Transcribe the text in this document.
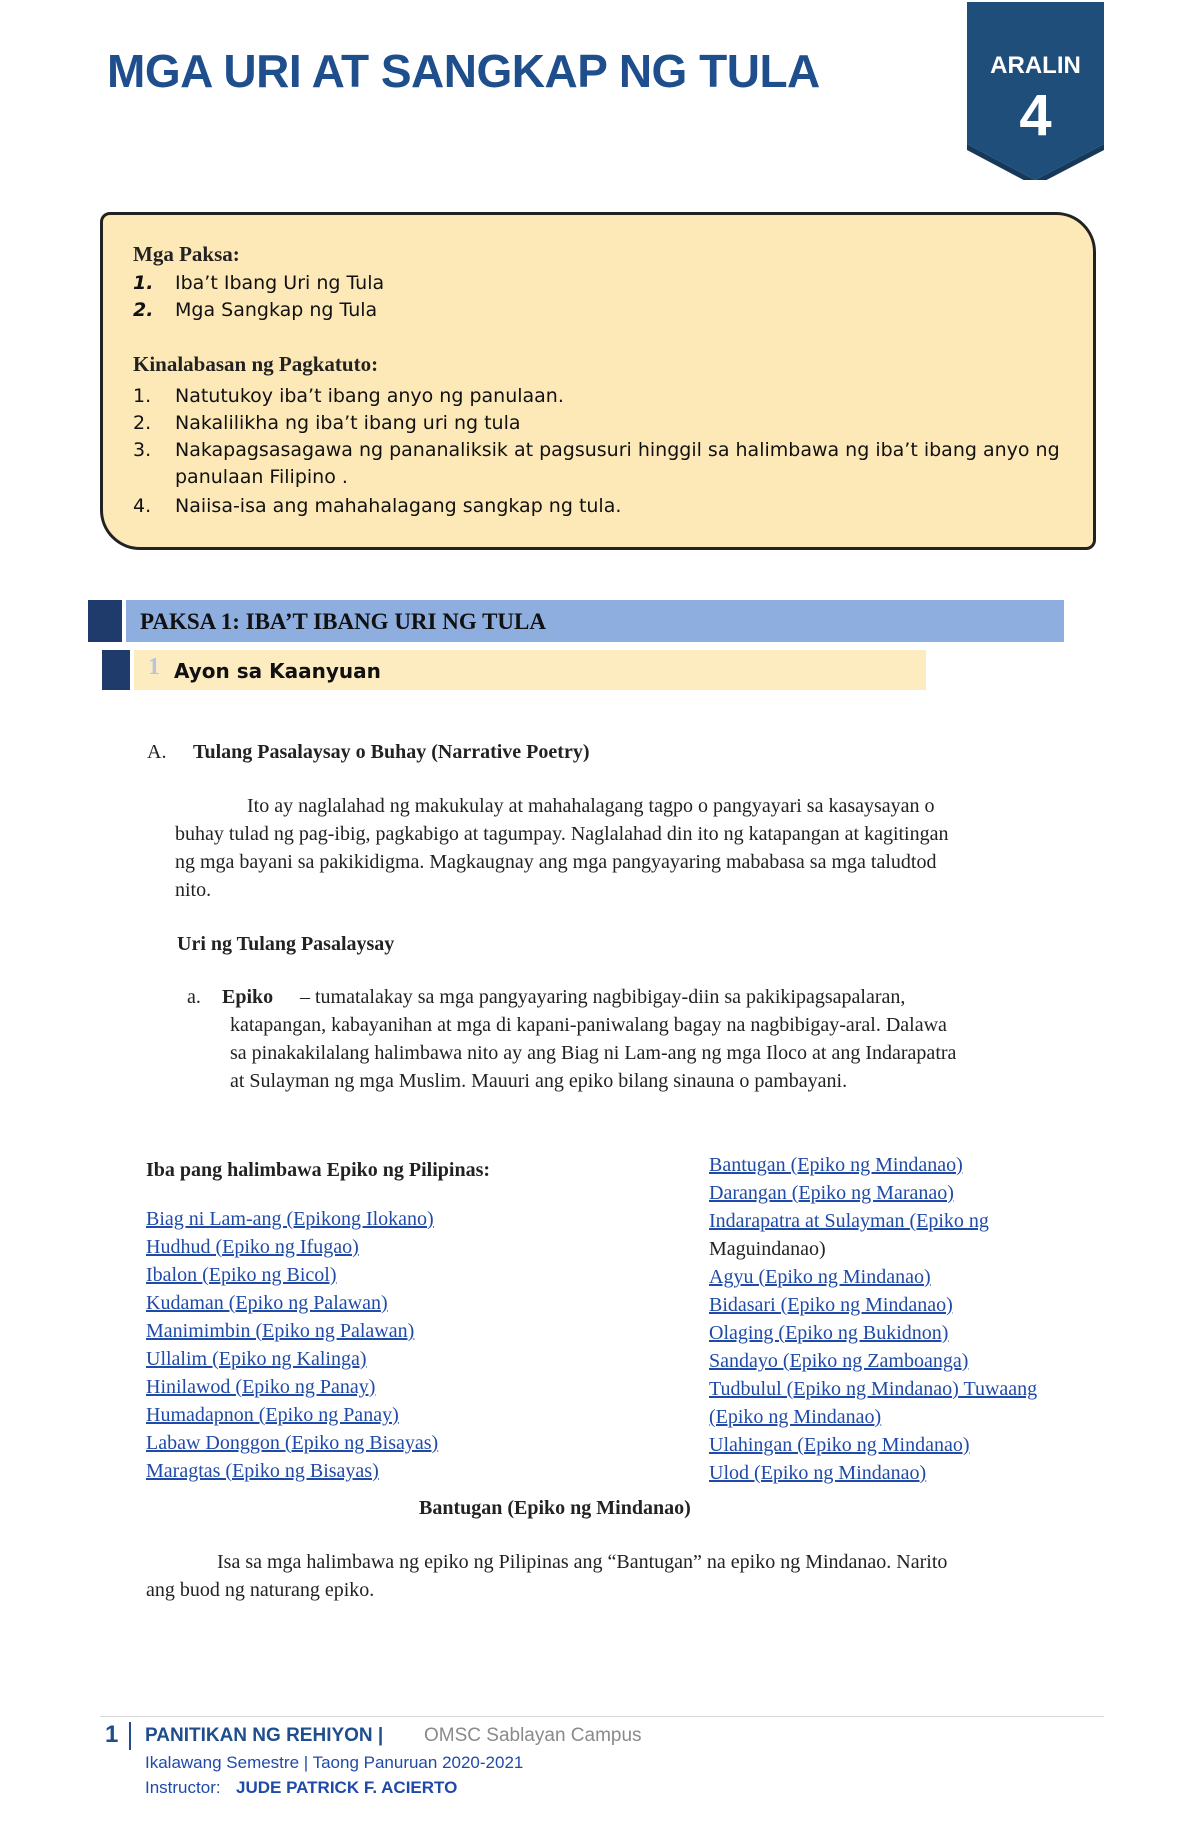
MGA URI AT SANGKAP NG TULA	ARALIN
4
Mga Paksa:
1. Iba’t Ibang Uri ng Tula
2. Mga Sangkap ng Tula
Kinalabasan ng Pagkatuto:
1. Natutukoy iba’t ibang anyo ng panulaan.
2. Nakalilikha ng iba’t ibang uri ng tula
3. Nakapagsasagawa ng pananaliksik at pagsusuri hinggil sa halimbawa ng iba’t ibang anyo ng
panulaan Filipino .
4. Naiisa-isa ang mahahalagang sangkap ng tula.
PAKSA 1: IBA’T IBANG URI NG TULA
1 Ayon sa Kaanyuan
A. Tulang Pasalaysay o Buhay (Narrative Poetry)
Ito ay naglalahad ng makukulay at mahahalagang tagpo o pangyayari sa kasaysayan o
buhay tulad ng pag-ibig, pagkabigo at tagumpay. Naglalahad din ito ng katapangan at kagitingan
ng mga bayani sa pakikidigma. Magkaugnay ang mga pangyayaring mababasa sa mga taludtod
nito.
Uri ng Tulang Pasalaysay
a. Epiko – tumatalakay sa mga pangyayaring nagbibigay-diin sa pakikipagsapalaran,
katapangan, kabayanihan at mga di kapani-paniwalang bagay na nagbibigay-aral. Dalawa
sa pinakakilalang halimbawa nito ay ang Biag ni Lam-ang ng mga Iloco at ang Indarapatra
at Sulayman ng mga Muslim. Mauuri ang epiko bilang sinauna o pambayani.
Iba pang halimbawa Epiko ng Pilipinas:
Biag ni Lam-ang (Epikong Ilokano)
Hudhud (Epiko ng Ifugao)
Ibalon (Epiko ng Bicol)
Kudaman (Epiko ng Palawan)
Manimimbin (Epiko ng Palawan)
Ullalim (Epiko ng Kalinga)
Hinilawod (Epiko ng Panay)
Humadapnon (Epiko ng Panay)
Labaw Donggon (Epiko ng Bisayas)
Maragtas (Epiko ng Bisayas)
Bantugan (Epiko ng Mindanao)
Darangan (Epiko ng Maranao)
Indarapatra at Sulayman (Epiko ng
Maguindanao)
Agyu (Epiko ng Mindanao)
Bidasari (Epiko ng Mindanao)
Olaging (Epiko ng Bukidnon)
Sandayo (Epiko ng Zamboanga)
Tudbulul (Epiko ng Mindanao) Tuwaang
(Epiko ng Mindanao)
Ulahingan (Epiko ng Mindanao)
Ulod (Epiko ng Mindanao)
Bantugan (Epiko ng Mindanao)
Isa sa mga halimbawa ng epiko ng Pilipinas ang “Bantugan” na epiko ng Mindanao. Narito
ang buod ng naturang epiko.
1 PANITIKAN NG REHIYON | OMSC Sablayan Campus
Ikalawang Semestre | Taong Panuruan 2020-2021
Instructor: JUDE PATRICK F. ACIERTO
